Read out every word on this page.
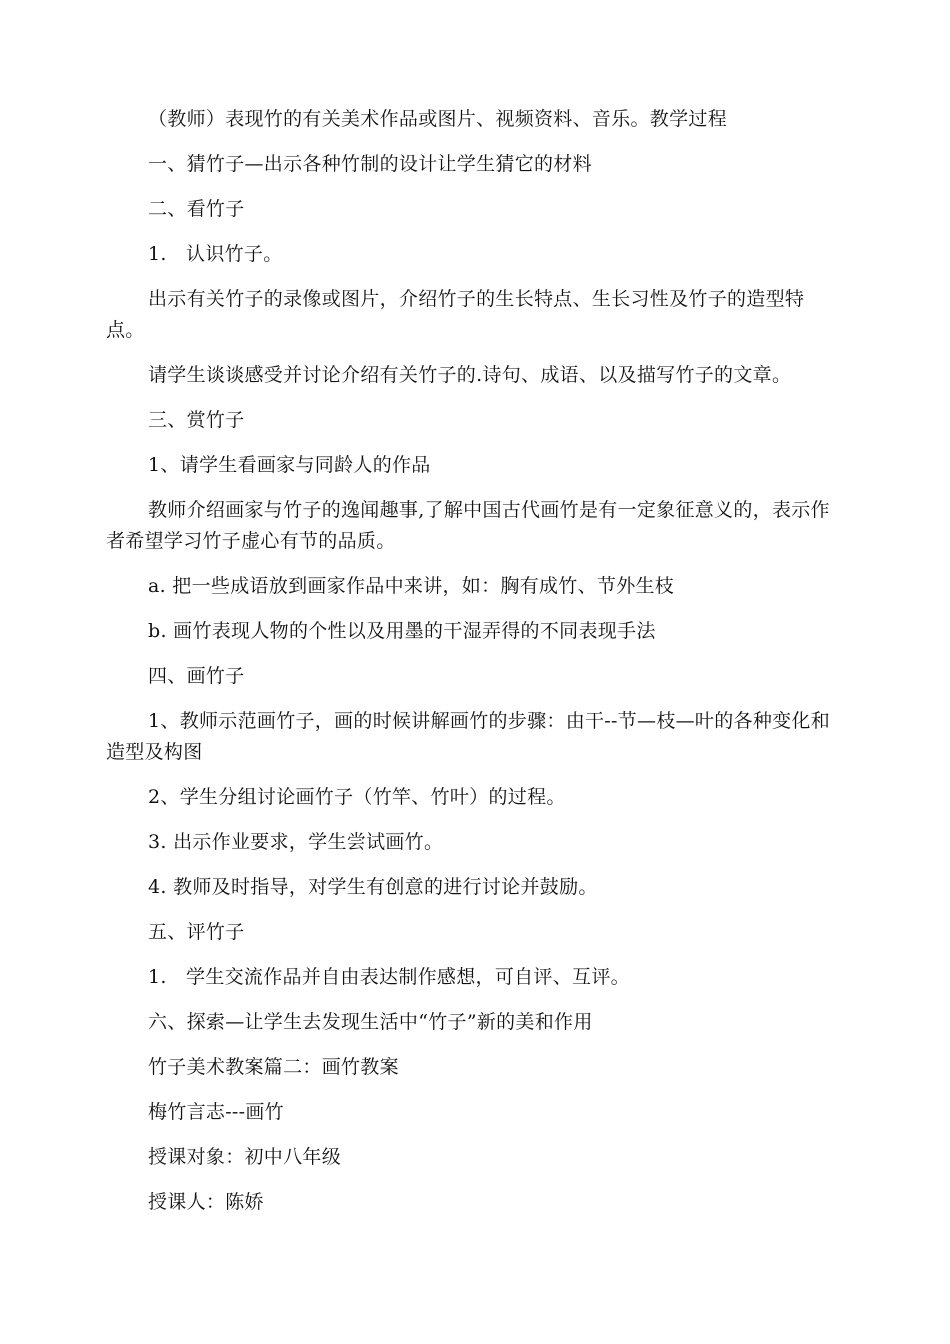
（教师）表现竹的有关美术作品或图片、视频资料、音乐。教学过程

一、猜竹子—出示各种竹制的设计让学生猜它的材料

二、看竹子

1.　认识竹子。

出示有关竹子的录像或图片，介绍竹子的生长特点、生长习性及竹子的造型特点。

请学生谈谈感受并讨论介绍有关竹子的.诗句、成语、以及描写竹子的文章。

三、赏竹子

1、请学生看画家与同龄人的作品

教师介绍画家与竹子的逸闻趣事,了解中国古代画竹是有一定象征意义的，表示作者希望学习竹子虚心有节的品质。

a. 把一些成语放到画家作品中来讲，如：胸有成竹、节外生枝

b. 画竹表现人物的个性以及用墨的干湿弄得的不同表现手法

四、画竹子

1、教师示范画竹子，画的时候讲解画竹的步骤：由干--节—枝—叶的各种变化和造型及构图

2、学生分组讨论画竹子（竹竿、竹叶）的过程。

3. 出示作业要求，学生尝试画竹。

4. 教师及时指导，对学生有创意的进行讨论并鼓励。

五、评竹子

1.　学生交流作品并自由表达制作感想，可自评、互评。

六、探索—让学生去发现生活中“竹子”新的美和作用

竹子美术教案篇二：画竹教案

梅竹言志---画竹

授课对象：初中八年级

授课人：陈娇
